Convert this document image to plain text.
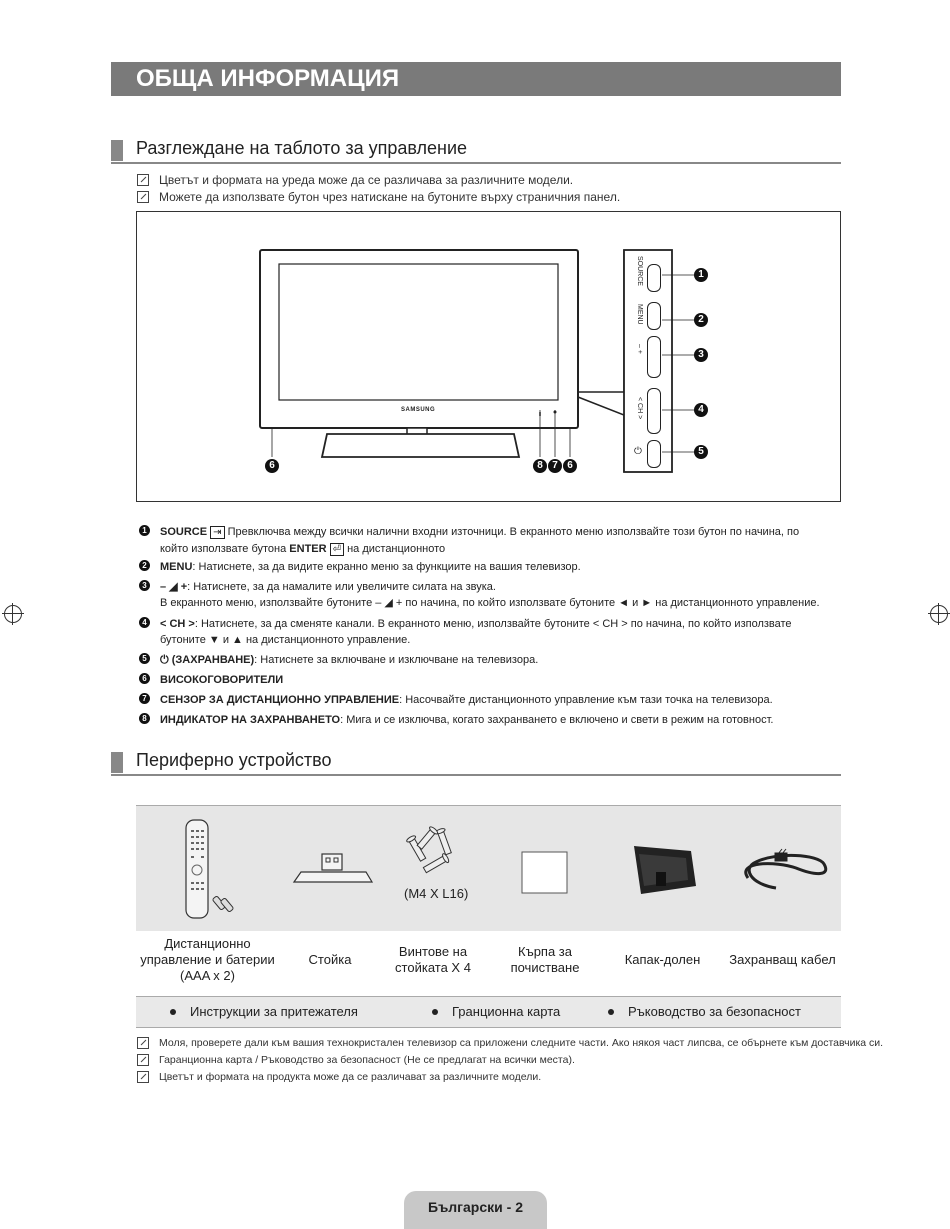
ОБЩА ИНФОРМАЦИЯ
Разглеждане на таблото за управление
Цветът и формата на уреда може да се различава за различните модели.
Можете да използвате бутон чрез натискане на бутоните върху страничния панел.
SAMSUNG
SOURCE
MENU
– +
< CH >
⏻
1
2
3
4
5
6	8 7 6
1 SOURCE ⇥ Превключва между всички налични входни източници. В екранното меню използвайте този бутон по начина, по който използвате бутона ENTER ⏎ на дистанционното
2 MENU: Натиснете, за да видите екранно меню за функциите на вашия телевизор.
3 – ◢ +: Натиснете, за да намалите или увеличите силата на звука.
В екранното меню, използвайте бутоните – ◢ + по начина, по който използвате бутоните ◄ и ► на дистанционното управление.
4 < CH >: Натиснете, за да сменяте канали. В екранното меню, използвайте бутоните < CH > по начина, по който използвате бутоните ▼ и ▲ на дистанционното управление.
5 ⏻ (ЗАХРАНВАНЕ): Натиснете за включване и изключване на телевизора.
6 ВИСОКОГОВОРИТЕЛИ
7 СЕНЗОР ЗА ДИСТАНЦИОННО УПРАВЛЕНИЕ: Насочвайте дистанционното управление към тази точка на телевизора.
8 ИНДИКАТОР НА ЗАХРАНВАНЕТО: Мига и се изключва, когато захранването е включено и свети в режим на готовност.
Периферно устройство
(M4 X L16)
Дистанционно управление и батерии (AAA x 2)
Стойка
Винтове на стойката X 4
Кърпа за почистване
Капак-долен	Захранващ кабел
Инструкции за притежателя	Гранционна карта	Ръководство за безопасност
Моля, проверете дали към вашия технокристален телевизор са приложени следните части. Ако някоя част липсва, се обърнете към доставчика си.
Гаранционна карта / Ръководство за безопасност (Не се предлагат на всички места).
Цветът и формата на продукта може да се различават за различните модели.
Български - 2
